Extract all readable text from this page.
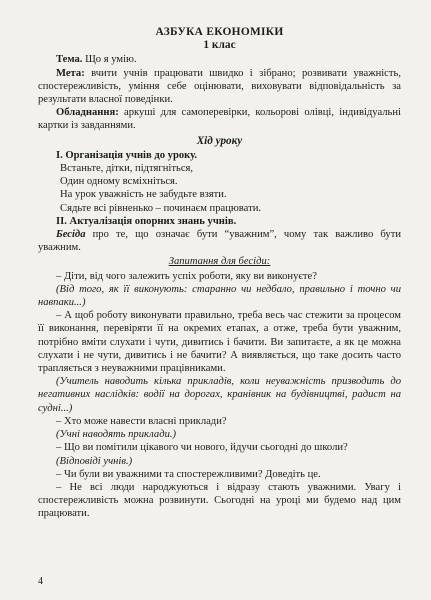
АЗБУКА ЕКОНОМІКИ
1 клас

Тема. Що я умію.

Мета: вчити учнів працювати швидко і зібрано; розвивати уважність, спостережливість, уміння себе оцінювати, виховувати відповідальність за результати власної поведінки.

Обладнання: аркуші для самоперевірки, кольорові олівці, індивідуальні картки із завданнями.

Хід уроку

І. Організація учнів до уроку.

Встаньте, дітки, підтягніться,

Один одному всміхніться.

На урок уважність не забудьте взяти.

Сядьте всі рівненько – починаєм працювати.

ІІ. Актуалізація опорних знань учнів.

Бесіда про те, що означає бути “уважним”, чому так важливо бути уважним.

Запитання для бесіди:

– Діти, від чого залежить успіх роботи, яку ви виконуєте?

(Від того, як її виконують: старанно чи недбало, правильно і точно чи навпаки...)

– А щоб роботу виконувати правильно, треба весь час стежити за процесом її виконання, перевіряти її на окремих етапах, а отже, треба бути уважним, потрібно вміти слухати і чути, дивитись і бачити. Ви запитаєте, а як це можна слухати і не чути, дивитись і не бачити? А виявляється, що таке досить часто трапляється з неуважними працівниками.

(Учитель наводить кілька прикладів, коли неуважність призводить до негативних наслідків: водії на дорогах, кранівник на будівництві, радист на судні...)

– Хто може навести власні приклади?

(Учні наводять приклади.)

– Що ви помітили цікавого чи нового, йдучи сьогодні до школи?

(Відповіді учнів.)

– Чи були ви уважними та спостережливими? Доведіть це.

– Не всі люди народжуються і відразу стають уважними. Увагу і спостережливість можна розвинути. Сьогодні на уроці ми будемо над цим працювати.

4
